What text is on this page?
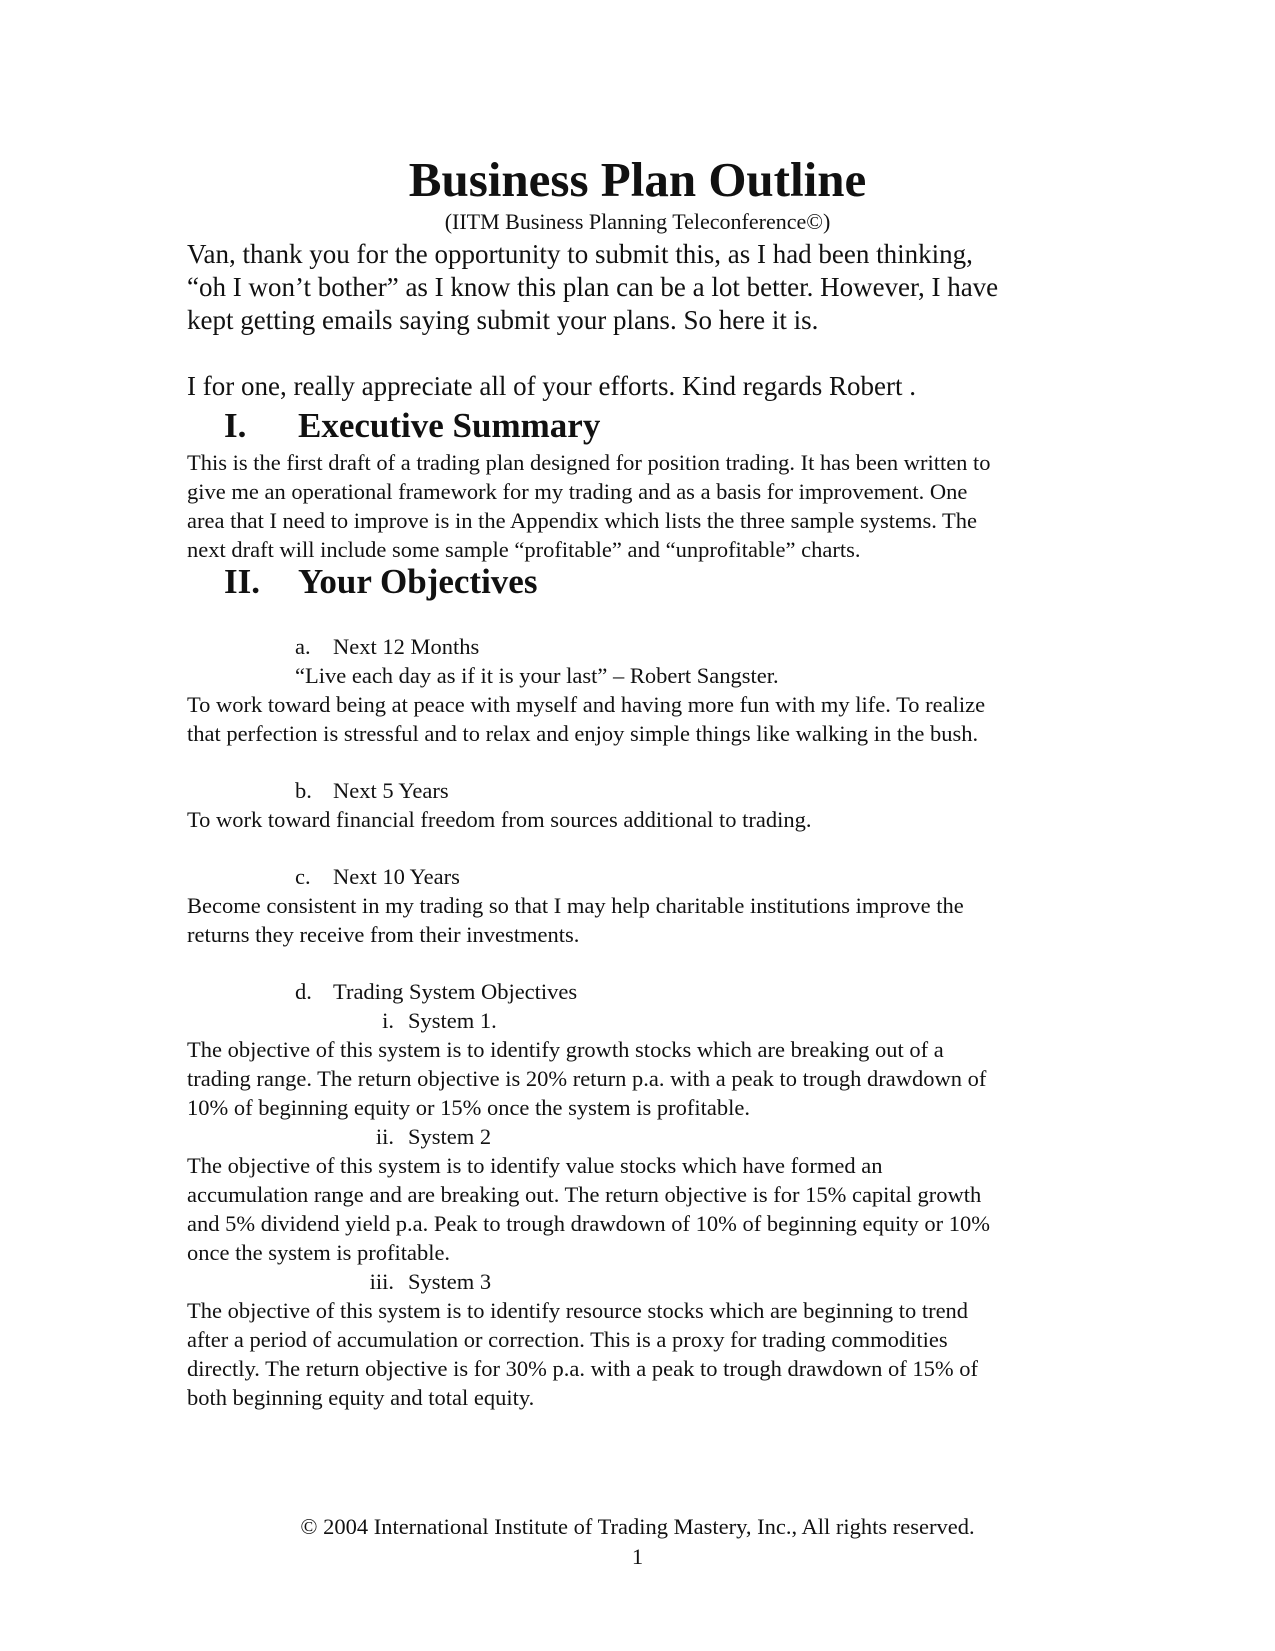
Business Plan Outline
(IITM Business Planning Teleconference©)
Van, thank you for the opportunity to submit this, as I had been thinking,
“oh I won’t bother” as I know this plan can be a lot better. However, I have
kept getting emails saying submit your plans. So here it is.
I for one, really appreciate all of your efforts. Kind regards Robert .
I. Executive Summary
This is the first draft of a trading plan designed for position trading. It has been written to
give me an operational framework for my trading and as a basis for improvement. One
area that I need to improve is in the Appendix which lists the three sample systems. The
next draft will include some sample “profitable” and “unprofitable” charts.
II. Your Objectives
a. Next 12 Months
“Live each day as if it is your last” – Robert Sangster.
To work toward being at peace with myself and having more fun with my life. To realize
that perfection is stressful and to relax and enjoy simple things like walking in the bush.
b. Next 5 Years
To work toward financial freedom from sources additional to trading.
c. Next 10 Years
Become consistent in my trading so that I may help charitable institutions improve the
returns they receive from their investments.
d. Trading System Objectives
i. System 1.
The objective of this system is to identify growth stocks which are breaking out of a
trading range. The return objective is 20% return p.a. with a peak to trough drawdown of
10% of beginning equity or 15% once the system is profitable.
ii. System 2
The objective of this system is to identify value stocks which have formed an
accumulation range and are breaking out. The return objective is for 15% capital growth
and 5% dividend yield p.a. Peak to trough drawdown of 10% of beginning equity or 10%
once the system is profitable.
iii. System 3
The objective of this system is to identify resource stocks which are beginning to trend
after a period of accumulation or correction. This is a proxy for trading commodities
directly. The return objective is for 30% p.a. with a peak to trough drawdown of 15% of
both beginning equity and total equity.
© 2004 International Institute of Trading Mastery, Inc., All rights reserved.
1
